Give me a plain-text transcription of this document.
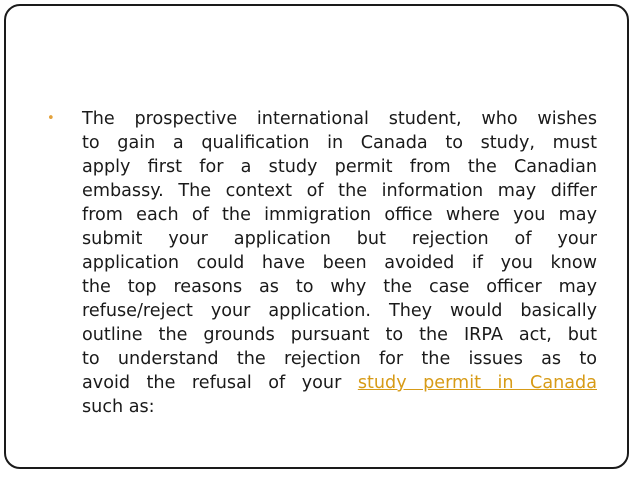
•	The prospective international student, who wishes
to gain a qualification in Canada to study, must
apply first for a study permit from the Canadian
embassy. The context of the information may differ
from each of the immigration office where you may
submit your application but rejection of your
application could have been avoided if you know
the top reasons as to why the case officer may
refuse/reject your application. They would basically
outline the grounds pursuant to the IRPA act, but
to understand the rejection for the issues as to
avoid the refusal of your study permit in Canada
such as:
